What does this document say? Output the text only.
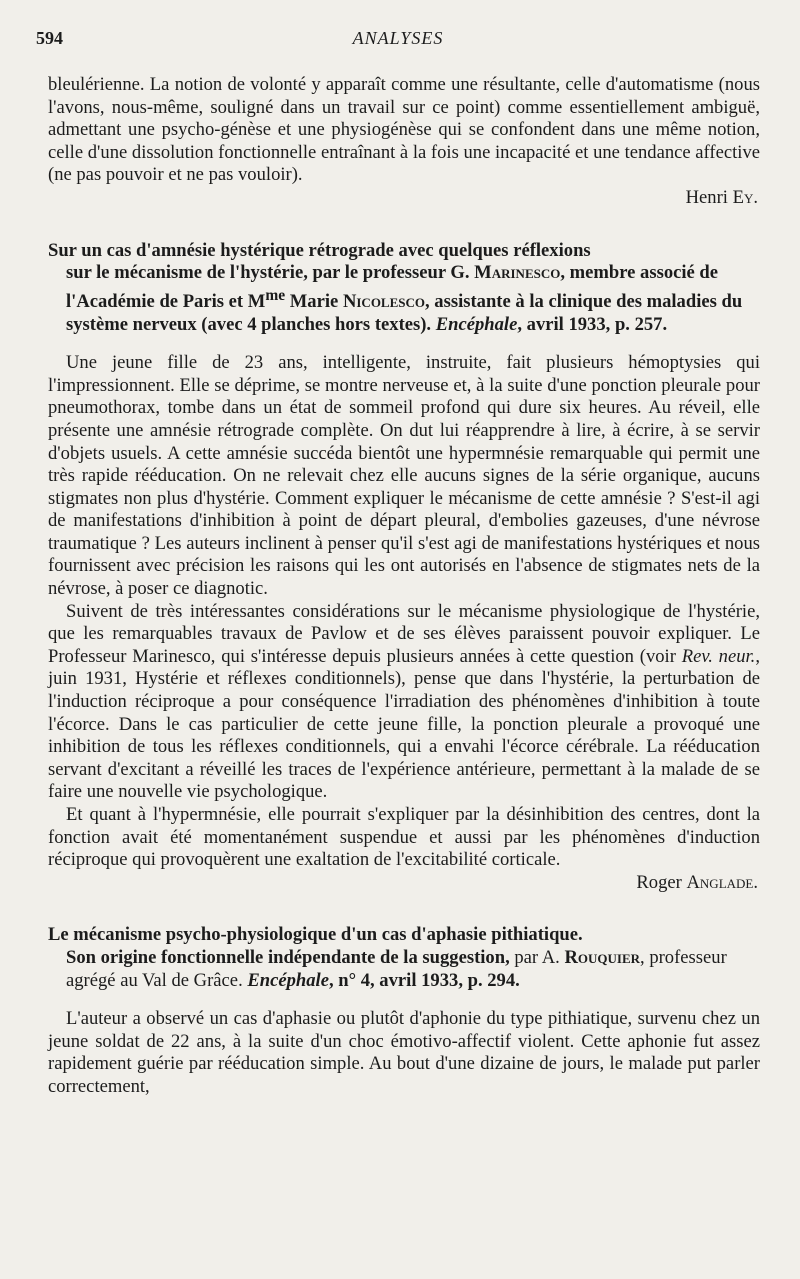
594	ANALYSES

bleulérienne. La notion de volonté y apparaît comme une résultante, celle d'automatisme (nous l'avons, nous-même, souligné dans un travail sur ce point) comme essentiellement ambiguë, admettant une psycho-génèse et une physiogénèse qui se confondent dans une même notion, celle d'une dissolution fonctionnelle entraînant à la fois une incapacité et une tendance affective (ne pas pouvoir et ne pas vouloir).

Henri Ey.

Sur un cas d'amnésie hystérique rétrograde avec quelques réflexions
sur le mécanisme de l'hystérie, par le professeur G. Marinesco, membre associé de l'Académie de Paris et $M^{me}$ Marie Nicolesco, assistante à la clinique des maladies du système nerveux (avec 4 planches hors textes). Encéphale, avril 1933, p. 257.

Une jeune fille de 23 ans, intelligente, instruite, fait plusieurs hémoptysies qui l'impressionnent. Elle se déprime, se montre nerveuse et, à la suite d'une ponction pleurale pour pneumothorax, tombe dans un état de sommeil profond qui dure six heures. Au réveil, elle présente une amnésie rétrograde complète. On dut lui réapprendre à lire, à écrire, à se servir d'objets usuels. A cette amnésie succéda bientôt une hypermnésie remarquable qui permit une très rapide rééducation. On ne relevait chez elle aucuns signes de la série organique, aucuns stigmates non plus d'hystérie. Comment expliquer le mécanisme de cette amnésie ? S'est-il agi de manifestations d'inhibition à point de départ pleural, d'embolies gazeuses, d'une névrose traumatique ? Les auteurs inclinent à penser qu'il s'est agi de manifestations hystériques et nous fournissent avec précision les raisons qui les ont autorisés en l'absence de stigmates nets de la névrose, à poser ce diagnotic.

Suivent de très intéressantes considérations sur le mécanisme physiologique de l'hystérie, que les remarquables travaux de Pavlow et de ses élèves paraissent pouvoir expliquer. Le Professeur Marinesco, qui s'intéresse depuis plusieurs années à cette question (voir Rev. neur., juin 1931, Hystérie et réflexes conditionnels), pense que dans l'hystérie, la perturbation de l'induction réciproque a pour conséquence l'irradiation des phénomènes d'inhibition à toute l'écorce. Dans le cas particulier de cette jeune fille, la ponction pleurale a provoqué une inhibition de tous les réflexes conditionnels, qui a envahi l'écorce cérébrale. La rééducation servant d'excitant a réveillé les traces de l'expérience antérieure, permettant à la malade de se faire une nouvelle vie psychologique.

Et quant à l'hypermnésie, elle pourrait s'expliquer par la désinhibition des centres, dont la fonction avait été momentanément suspendue et aussi par les phénomènes d'induction réciproque qui provoquèrent une exaltation de l'excitabilité corticale.

Roger Anglade.

Le mécanisme psycho-physiologique d'un cas d'aphasie pithiatique.
Son origine fonctionnelle indépendante de la suggestion, par A. Rouquier, professeur agrégé au Val de Grâce. Encéphale, n° 4, avril 1933, p. 294.

L'auteur a observé un cas d'aphasie ou plutôt d'aphonie du type pithiatique, survenu chez un jeune soldat de 22 ans, à la suite d'un choc émotivo-affectif violent. Cette aphonie fut assez rapidement guérie par rééducation simple. Au bout d'une dizaine de jours, le malade put parler correctement,
